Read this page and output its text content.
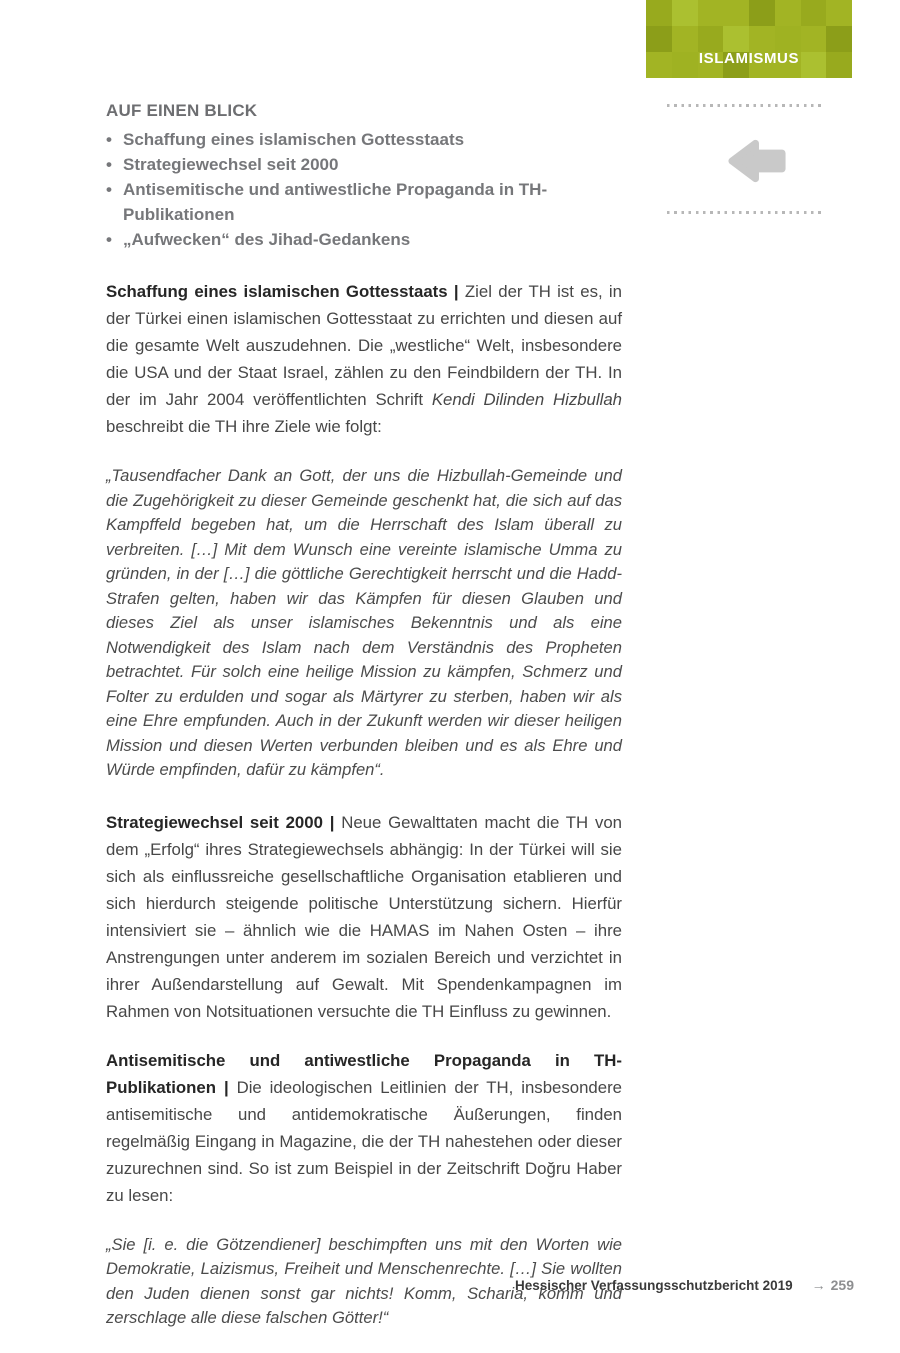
ISLAMISMUS
AUF EINEN BLICK
• Schaffung eines islamischen Gottesstaats
• Strategiewechsel seit 2000
• Antisemitische und antiwestliche Propaganda in TH-Publikationen
• „Aufwecken“ des Jihad-Gedankens

Schaffung eines islamischen Gottesstaats | Ziel der TH ist es, in der Türkei einen islamischen Gottesstaat zu errichten und diesen auf die gesamte Welt auszudehnen. Die „westliche“ Welt, insbesondere die USA und der Staat Israel, zählen zu den Feindbildern der TH. In der im Jahr 2004 veröffentlichten Schrift Kendi Dilinden Hizbullah beschreibt die TH ihre Ziele wie folgt:

„Tausendfacher Dank an Gott, der uns die Hizbullah-Gemeinde und die Zugehörigkeit zu dieser Gemeinde geschenkt hat, die sich auf das Kampffeld begeben hat, um die Herrschaft des Islam überall zu verbreiten. […] Mit dem Wunsch eine vereinte islamische Umma zu gründen, in der […] die göttliche Gerechtigkeit herrscht und die Hadd-Strafen gelten, haben wir das Kämpfen für diesen Glauben und dieses Ziel als unser islamisches Bekenntnis und als eine Notwendigkeit des Islam nach dem Verständnis des Propheten betrachtet. Für solch eine heilige Mission zu kämpfen, Schmerz und Folter zu erdulden und sogar als Märtyrer zu sterben, haben wir als eine Ehre empfunden. Auch in der Zukunft werden wir dieser heiligen Mission und diesen Werten verbunden bleiben und es als Ehre und Würde empfinden, dafür zu kämpfen“.

Strategiewechsel seit 2000 | Neue Gewalttaten macht die TH von dem „Erfolg“ ihres Strategiewechsels abhängig: In der Türkei will sie sich als einflussreiche gesellschaftliche Organisation etablieren und sich hierdurch steigende politische Unterstützung sichern. Hierfür intensiviert sie – ähnlich wie die HAMAS im Nahen Osten – ihre Anstrengungen unter anderem im sozialen Bereich und verzichtet in ihrer Außendarstellung auf Gewalt. Mit Spendenkampagnen im Rahmen von Notsituationen versuchte die TH Einfluss zu gewinnen.

Antisemitische und antiwestliche Propaganda in TH-Publikationen | Die ideologischen Leitlinien der TH, insbesondere antisemitische und antidemokratische Äußerungen, finden regelmäßig Eingang in Magazine, die der TH nahestehen oder dieser zuzurechnen sind. So ist zum Beispiel in der Zeitschrift Doğru Haber zu lesen:

„Sie [i. e. die Götzendiener] beschimpften uns mit den Worten wie Demokratie, Laizismus, Freiheit und Menschenrechte. […] Sie wollten den Juden dienen sonst gar nichts! Komm, Scharia, komm und zerschlage alle diese falschen Götter!“

Hessischer Verfassungsschutzbericht 2019 → 259
